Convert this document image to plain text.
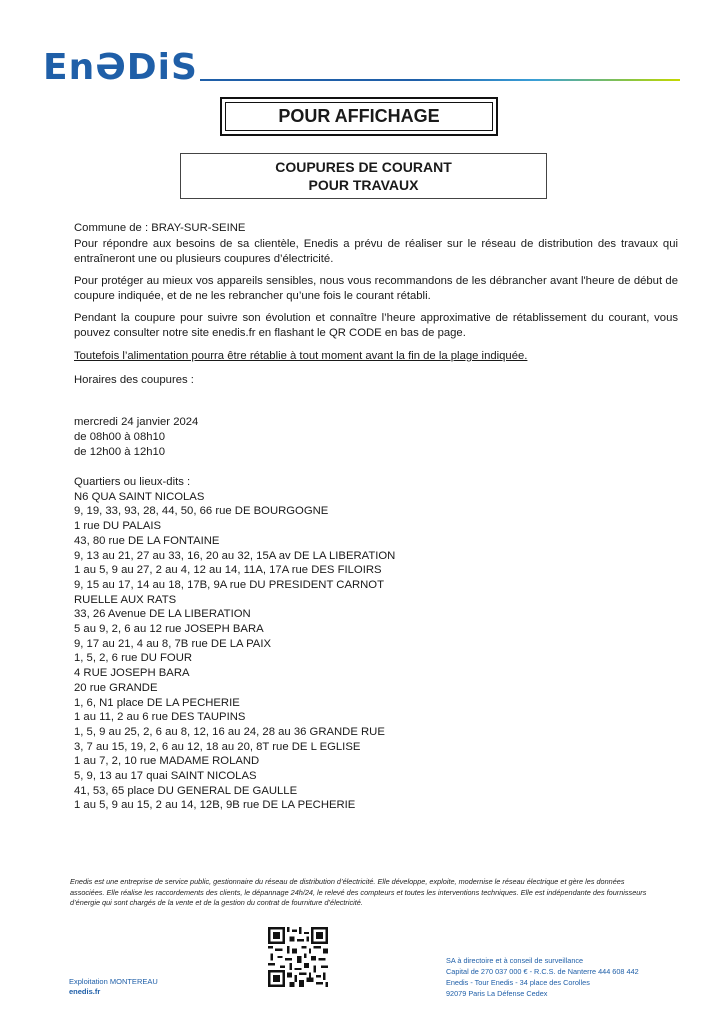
EnƏDiS
POUR AFFICHAGE
COUPURES DE COURANT
POUR TRAVAUX
Commune de : BRAY-SUR-SEINE
Pour répondre aux besoins de sa clientèle, Enedis a prévu de réaliser sur le réseau de distribution des travaux qui entraîneront une ou plusieurs coupures d’électricité.
Pour protéger au mieux vos appareils sensibles, nous vous recommandons de les débrancher avant l'heure de début de coupure indiquée, et de ne les rebrancher qu’une fois le courant rétabli.
Pendant la coupure pour suivre son évolution et connaître l’heure approximative de rétablissement du courant, vous pouvez consulter notre site enedis.fr en flashant le QR CODE en bas de page.
Toutefois l’alimentation pourra être rétablie à tout moment avant la fin de la plage indiquée.
Horaires des coupures :
mercredi 24 janvier 2024
de 08h00 à 08h10
de 12h00 à 12h10
Quartiers ou lieux-dits :
N6 QUA SAINT NICOLAS
9, 19, 33, 93, 28, 44, 50, 66 rue DE BOURGOGNE
1 rue DU PALAIS
43, 80 rue DE LA FONTAINE
9, 13 au 21, 27 au 33, 16, 20 au 32, 15A av DE LA LIBERATION
1 au 5, 9 au 27, 2 au 4, 12 au 14, 11A, 17A rue DES FILOIRS
9, 15 au 17, 14 au 18, 17B, 9A rue DU PRESIDENT CARNOT
RUELLE AUX RATS
33, 26 Avenue DE LA LIBERATION
5 au 9, 2, 6 au 12 rue JOSEPH BARA
9, 17 au 21, 4 au 8, 7B rue DE LA PAIX
1, 5, 2, 6 rue DU FOUR
4 RUE JOSEPH BARA
20 rue GRANDE
1, 6, N1 place DE LA PECHERIE
1 au 11, 2 au 6 rue DES TAUPINS
1, 5, 9 au 25, 2, 6 au 8, 12, 16 au 24, 28 au 36 GRANDE RUE
3, 7 au 15, 19, 2, 6 au 12, 18 au 20, 8T rue DE L EGLISE
1 au 7, 2, 10 rue MADAME ROLAND
5, 9, 13 au 17 quai SAINT NICOLAS
41, 53, 65 place DU GENERAL DE GAULLE
1 au 5, 9 au 15, 2 au 14, 12B, 9B rue DE LA PECHERIE
Enedis est une entreprise de service public, gestionnaire du réseau de distribution d’électricité. Elle développe, exploite, modernise le réseau électrique et gère les données associées. Elle réalise les raccordements des clients, le dépannage 24h/24, le relevé des compteurs et toutes les interventions techniques. Elle est indépendante des fournisseurs d’énergie qui sont chargés de la vente et de la gestion du contrat de fourniture d’électricité.
Exploitation MONTEREAU
enedis.fr
SA à directoire et à conseil de surveillance
Capital de 270 037 000 € - R.C.S. de Nanterre 444 608 442
Enedis - Tour Enedis - 34 place des Corolles
92079 Paris La Défense Cedex
